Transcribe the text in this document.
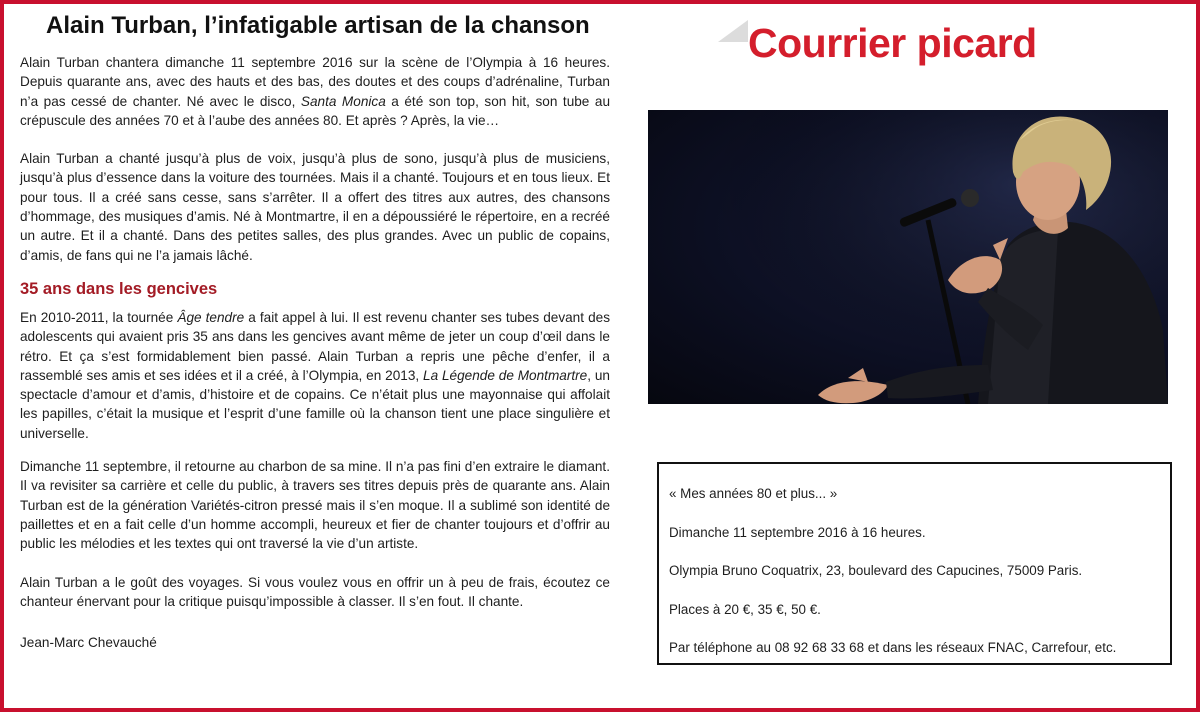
Alain Turban, l’infatigable artisan de la chanson

Alain Turban chantera dimanche 11 septembre 2016 sur la scène de l’Olympia à 16 heures. Depuis quarante ans, avec des hauts et des bas, des doutes et des coups d’adrénaline, Turban n’a pas cessé de chanter. Né avec le disco, Santa Monica a été son top, son hit, son tube au crépuscule des années 70 et à l’aube des années 80. Et après ? Après, la vie…

Alain Turban a chanté jusqu’à plus de voix, jusqu’à plus de sono, jusqu’à plus de musiciens, jusqu’à plus d’essence dans la voiture des tournées. Mais il a chanté. Toujours et en tous lieux. Et pour tous. Il a créé sans cesse, sans s’arrêter. Il a offert des titres aux autres, des chansons d’hommage, des musiques d’amis. Né à Montmartre, il en a dépoussiéré le répertoire, en a recréé un autre. Et il a chanté. Dans des petites salles, des plus grandes. Avec un public de copains, d’amis, de fans qui ne l’a jamais lâché.

35 ans dans les gencives

En 2010-2011, la tournée Âge tendre a fait appel à lui. Il est revenu chanter ses tubes devant des adolescents qui avaient pris 35 ans dans les gencives avant même de jeter un coup d’œil dans le rétro. Et ça s’est formidablement bien passé. Alain Turban a repris une pêche d’enfer, il a rassemblé ses amis et ses idées et il a créé, à l’Olympia, en 2013, La Légende de Montmartre, un spectacle d’amour et d’amis, d’histoire et de copains. Ce n’était plus une mayonnaise qui affolait les papilles, c’était la musique et l’esprit d’une famille où la chanson tient une place singulière et universelle.

Dimanche 11 septembre, il retourne au charbon de sa mine. Il n’a pas fini d’en extraire le diamant. Il va revisiter sa carrière et celle du public, à travers ses titres depuis près de quarante ans. Alain Turban est de la génération Variétés-citron pressé mais il s’en moque. Il a sublimé son identité de paillettes et en a fait celle d’un homme accompli, heureux et fier de chanter toujours et d’offrir au public les mélodies et les textes qui ont traversé la vie d’un artiste.

Alain Turban a le goût des voyages. Si vous voulez vous en offrir un à peu de frais, écoutez ce chanteur énervant pour la critique puisqu’impossible à classer. Il s’en fout. Il chante.

Jean-Marc Chevauché
Courrier picard

« Mes années 80 et plus... »

Dimanche 11 septembre 2016 à 16 heures.

Olympia Bruno Coquatrix, 23, boulevard des Capucines, 75009 Paris.

Places à 20 €, 35 €, 50 €.

Par téléphone au 08 92 68 33 68 et dans les réseaux FNAC, Carrefour, etc.
